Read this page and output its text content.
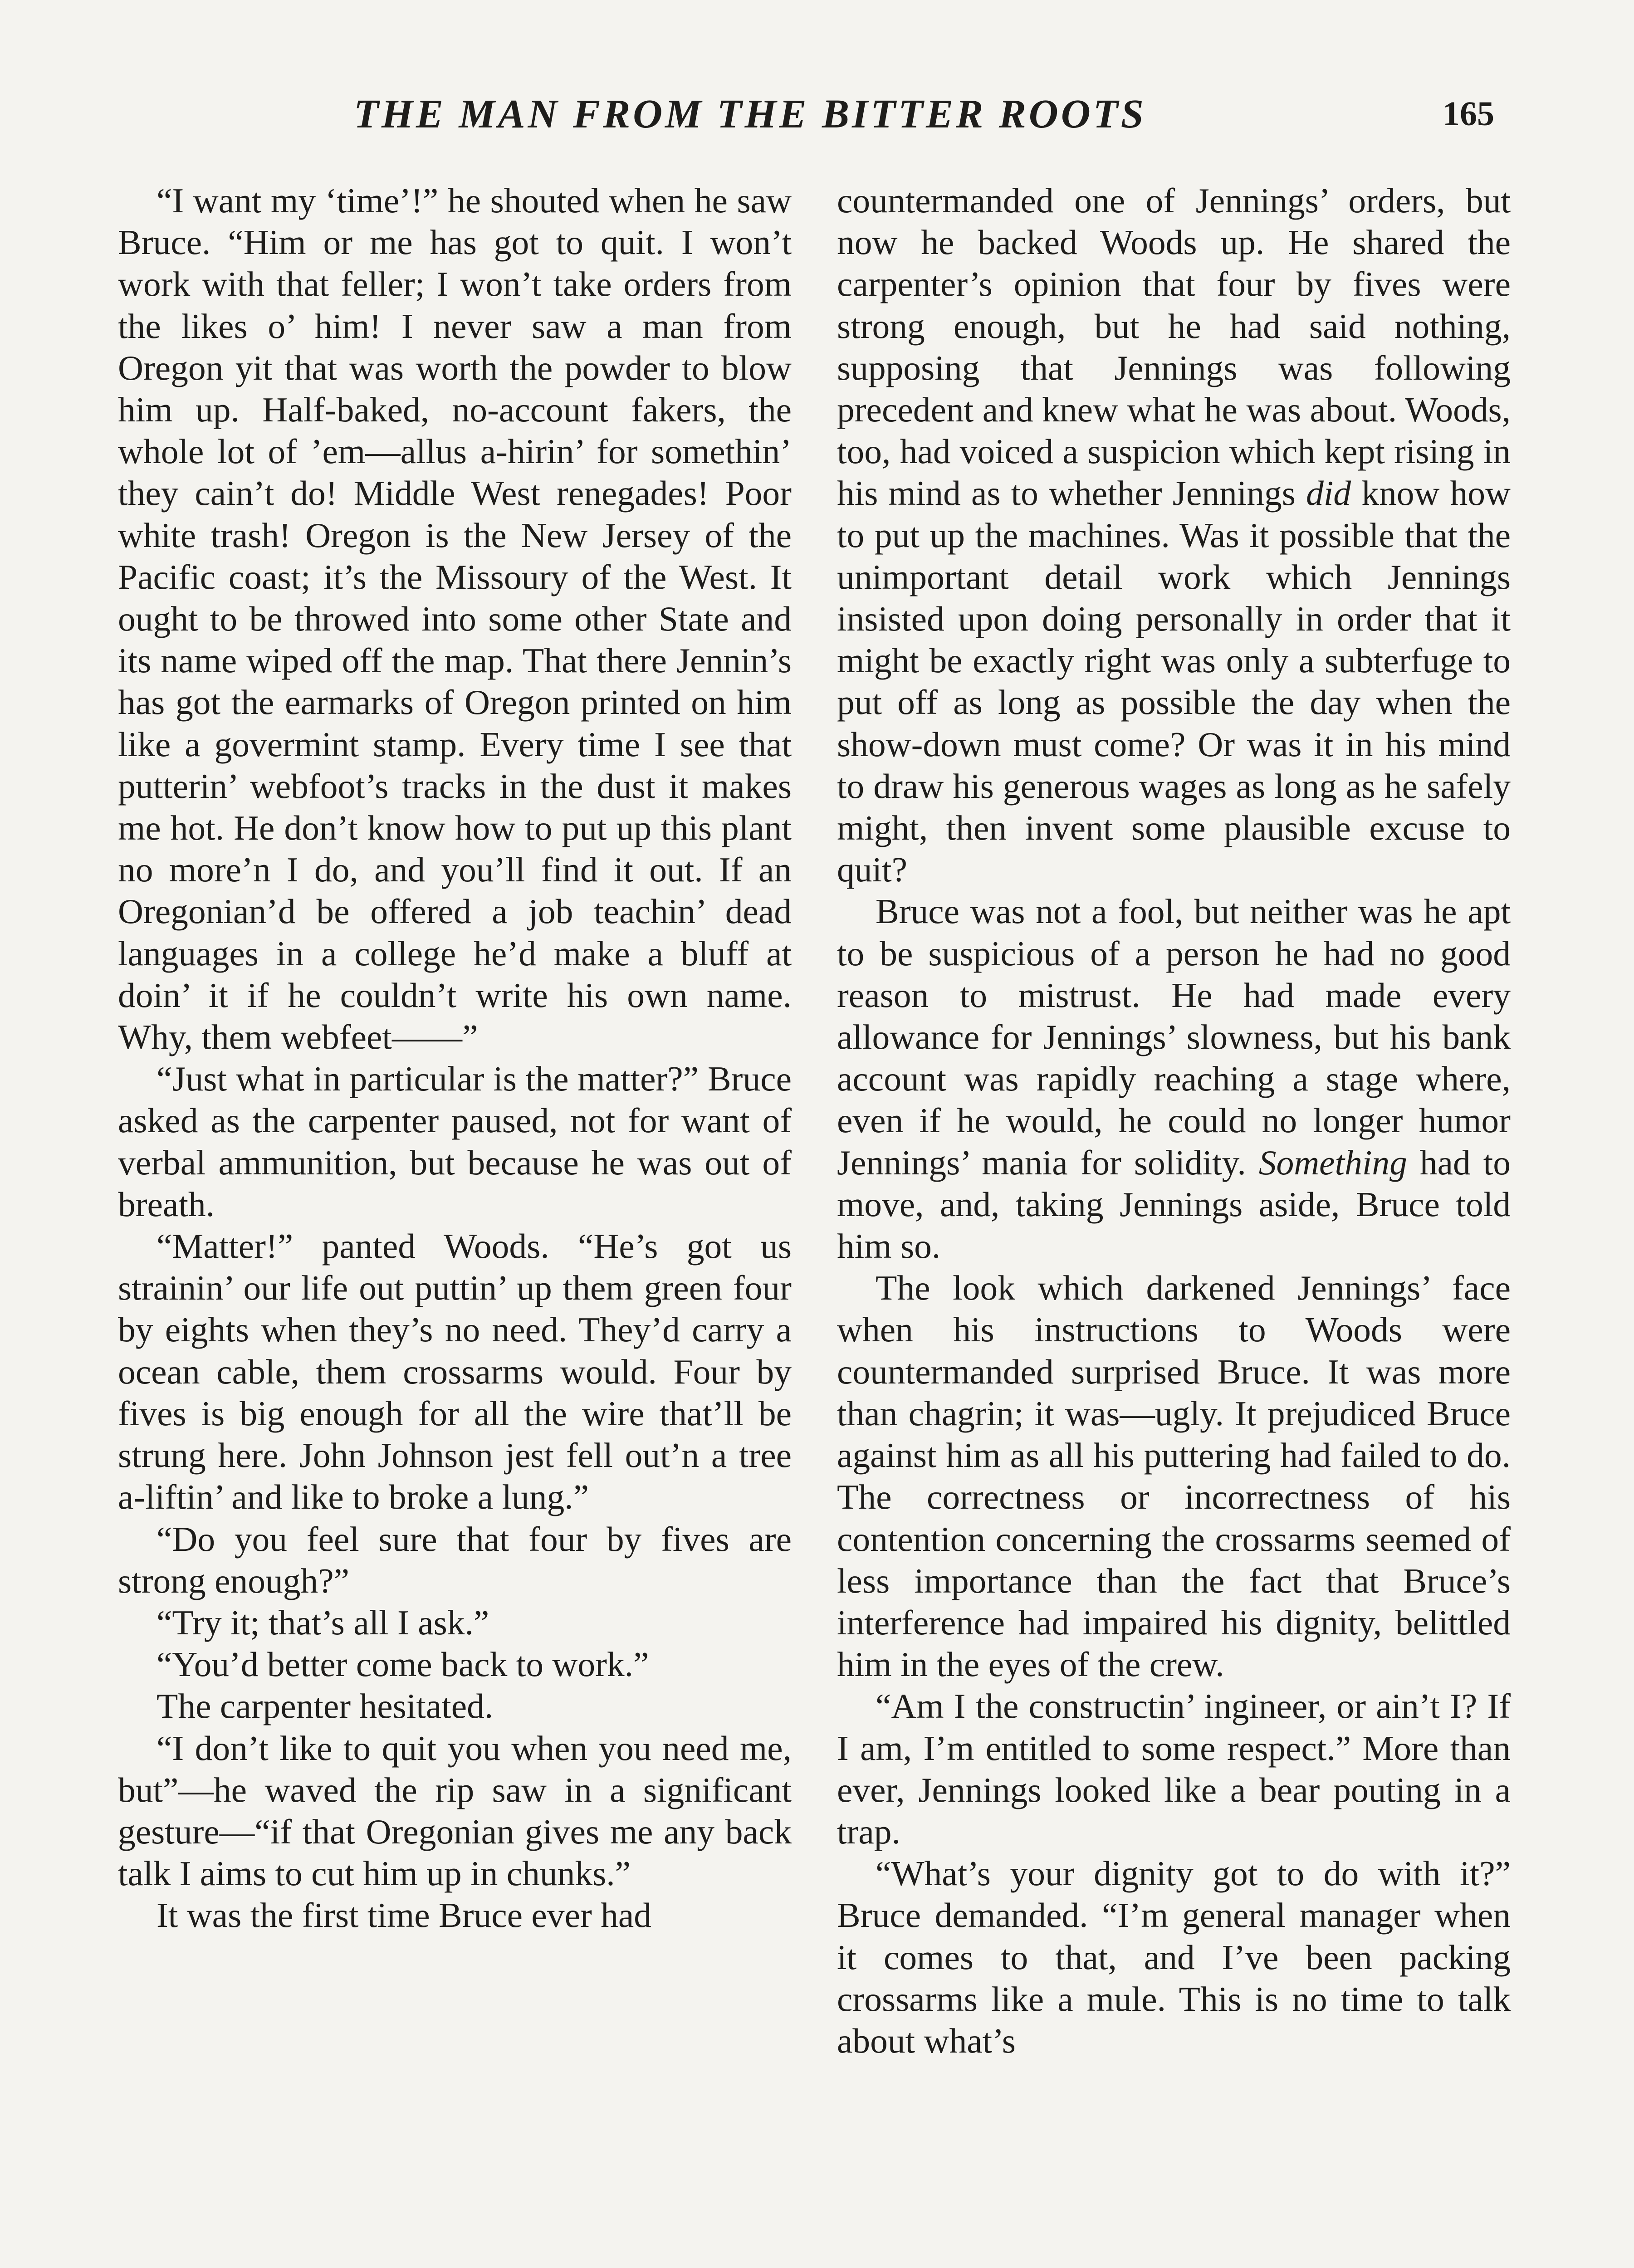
THE MAN FROM THE BITTER ROOTS	165

“I want my ‘time’!” he shouted when he saw Bruce. “Him or me has got to quit. I won’t work with that feller; I won’t take orders from the likes o’ him! I never saw a man from Oregon yit that was worth the powder to blow him up. Half-baked, no-account fakers, the whole lot of ’em—allus a-hirin’ for somethin’ they cain’t do! Middle West renegades! Poor white trash! Oregon is the New Jersey of the Pacific coast; it’s the Missoury of the West. It ought to be throwed into some other State and its name wiped off the map. That there Jennin’s has got the earmarks of Oregon printed on him like a govermint stamp. Every time I see that putterin’ webfoot’s tracks in the dust it makes me hot. He don’t know how to put up this plant no more’n I do, and you’ll find it out. If an Oregonian’d be offered a job teachin’ dead languages in a college he’d make a bluff at doin’ it if he couldn’t write his own name. Why, them webfeet——”

“Just what in particular is the matter?” Bruce asked as the carpenter paused, not for want of verbal ammunition, but because he was out of breath.

“Matter!” panted Woods. “He’s got us strainin’ our life out puttin’ up them green four by eights when they’s no need. They’d carry a ocean cable, them crossarms would. Four by fives is big enough for all the wire that’ll be strung here. John Johnson jest fell out’n a tree a-liftin’ and like to broke a lung.”

“Do you feel sure that four by fives are strong enough?”

“Try it; that’s all I ask.”

“You’d better come back to work.”

The carpenter hesitated.

“I don’t like to quit you when you need me, but”—he waved the rip saw in a significant gesture—“if that Oregonian gives me any back talk I aims to cut him up in chunks.”

It was the first time Bruce ever had

countermanded one of Jennings’ orders, but now he backed Woods up. He shared the carpenter’s opinion that four by fives were strong enough, but he had said nothing, supposing that Jennings was following precedent and knew what he was about. Woods, too, had voiced a suspicion which kept rising in his mind as to whether Jennings did know how to put up the machines. Was it possible that the unimportant detail work which Jennings insisted upon doing personally in order that it might be exactly right was only a subterfuge to put off as long as possible the day when the show-down must come? Or was it in his mind to draw his generous wages as long as he safely might, then invent some plausible excuse to quit?

Bruce was not a fool, but neither was he apt to be suspicious of a person he had no good reason to mistrust. He had made every allowance for Jennings’ slowness, but his bank account was rapidly reaching a stage where, even if he would, he could no longer humor Jennings’ mania for solidity. Something had to move, and, taking Jennings aside, Bruce told him so.

The look which darkened Jennings’ face when his instructions to Woods were countermanded surprised Bruce. It was more than chagrin; it was—ugly. It prejudiced Bruce against him as all his puttering had failed to do. The correctness or incorrectness of his contention concerning the crossarms seemed of less importance than the fact that Bruce’s interference had impaired his dignity, belittled him in the eyes of the crew.

“Am I the constructin’ ingineer, or ain’t I? If I am, I’m entitled to some respect.” More than ever, Jennings looked like a bear pouting in a trap.

“What’s your dignity got to do with it?” Bruce demanded. “I’m general manager when it comes to that, and I’ve been packing crossarms like a mule. This is no time to talk about what’s
